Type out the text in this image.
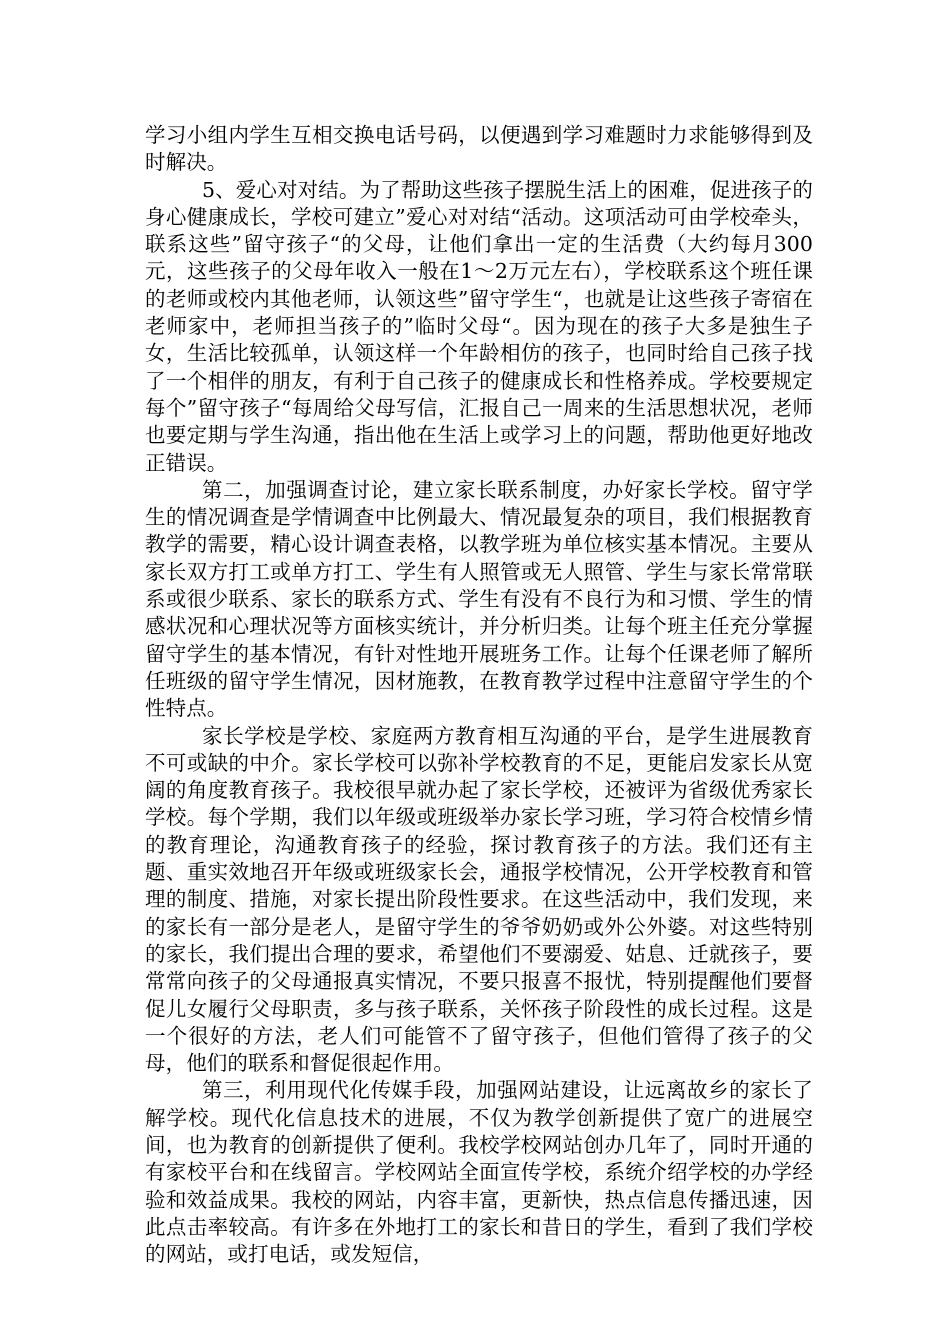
学习小组内学生互相交换电话号码，以便遇到学习难题时力求能够得到及时解决。

5、爱心对对结。为了帮助这些孩子摆脱生活上的困难，促进孩子的身心健康成长，学校可建立”爱心对对结“活动。这项活动可由学校牵头，联系这些”留守孩子“的父母，让他们拿出一定的生活费（大约每月300元，这些孩子的父母年收入一般在1～2万元左右），学校联系这个班任课的老师或校内其他老师，认领这些”留守学生“，也就是让这些孩子寄宿在老师家中，老师担当孩子的”临时父母“。因为现在的孩子大多是独生子女，生活比较孤单，认领这样一个年龄相仿的孩子，也同时给自己孩子找了一个相伴的朋友，有利于自己孩子的健康成长和性格养成。学校要规定每个”留守孩子“每周给父母写信，汇报自己一周来的生活思想状况，老师也要定期与学生沟通，指出他在生活上或学习上的问题，帮助他更好地改正错误。

第二，加强调查讨论，建立家长联系制度，办好家长学校。留守学生的情况调查是学情调查中比例最大、情况最复杂的项目，我们根据教育教学的需要，精心设计调查表格，以教学班为单位核实基本情况。主要从家长双方打工或单方打工、学生有人照管或无人照管、学生与家长常常联系或很少联系、家长的联系方式、学生有没有不良行为和习惯、学生的情感状况和心理状况等方面核实统计，并分析归类。让每个班主任充分掌握留守学生的基本情况，有针对性地开展班务工作。让每个任课老师了解所任班级的留守学生情况，因材施教，在教育教学过程中注意留守学生的个性特点。

家长学校是学校、家庭两方教育相互沟通的平台，是学生进展教育不可或缺的中介。家长学校可以弥补学校教育的不足，更能启发家长从宽阔的角度教育孩子。我校很早就办起了家长学校，还被评为省级优秀家长学校。每个学期，我们以年级或班级举办家长学习班，学习符合校情乡情的教育理论，沟通教育孩子的经验，探讨教育孩子的方法。我们还有主题、重实效地召开年级或班级家长会，通报学校情况，公开学校教育和管理的制度、措施，对家长提出阶段性要求。在这些活动中，我们发现，来的家长有一部分是老人，是留守学生的爷爷奶奶或外公外婆。对这些特别的家长，我们提出合理的要求，希望他们不要溺爱、姑息、迁就孩子，要常常向孩子的父母通报真实情况，不要只报喜不报忧，特别提醒他们要督促儿女履行父母职责，多与孩子联系，关怀孩子阶段性的成长过程。这是一个很好的方法，老人们可能管不了留守孩子，但他们管得了孩子的父母，他们的联系和督促很起作用。

第三，利用现代化传媒手段，加强网站建设，让远离故乡的家长了解学校。现代化信息技术的进展，不仅为教学创新提供了宽广的进展空间，也为教育的创新提供了便利。我校学校网站创办几年了，同时开通的有家校平台和在线留言。学校网站全面宣传学校，系统介绍学校的办学经验和效益成果。我校的网站，内容丰富，更新快，热点信息传播迅速，因此点击率较高。有许多在外地打工的家长和昔日的学生，看到了我们学校的网站，或打电话，或发短信，
